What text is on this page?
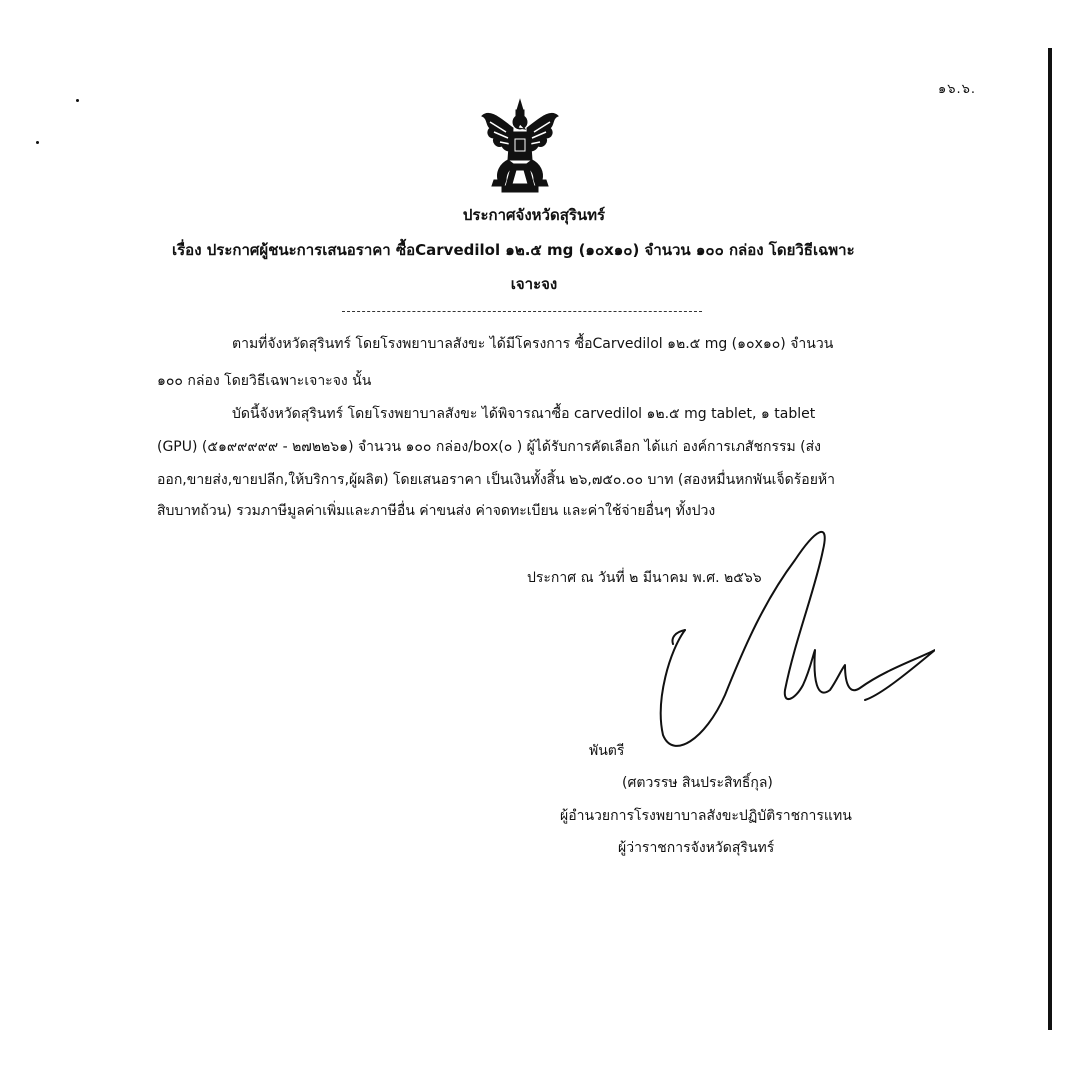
๑๖.๖.
ประกาศจังหวัดสุรินทร์
เรื่อง ประกาศผู้ชนะการเสนอราคา ซื้อCarvedilol ๑๒.๕ mg (๑๐x๑๐) จำนวน ๑๐๐ กล่อง โดยวิธีเฉพาะ
เจาะจง
ตามที่จังหวัดสุรินทร์ โดยโรงพยาบาลสังขะ ได้มีโครงการ ซื้อCarvedilol ๑๒.๕ mg (๑๐x๑๐) จำนวน
๑๐๐ กล่อง โดยวิธีเฉพาะเจาะจง นั้น
บัดนี้จังหวัดสุรินทร์ โดยโรงพยาบาลสังขะ ได้พิจารณาซื้อ carvedilol ๑๒.๕ mg tablet, ๑ tablet
(GPU) (๕๑๙๙๙๙๙ - ๒๗๒๒๖๑) จำนวน ๑๐๐ กล่อง/box(๐ ) ผู้ได้รับการคัดเลือก ได้แก่ องค์การเภสัชกรรม (ส่ง
ออก,ขายส่ง,ขายปลีก,ให้บริการ,ผู้ผลิต) โดยเสนอราคา เป็นเงินทั้งสิ้น ๒๖,๗๕๐.๐๐ บาท (สองหมื่นหกพันเจ็ดร้อยห้า
สิบบาทถ้วน) รวมภาษีมูลค่าเพิ่มและภาษีอื่น ค่าขนส่ง ค่าจดทะเบียน และค่าใช้จ่ายอื่นๆ ทั้งปวง
ประกาศ ณ วันที่ ๒ มีนาคม พ.ศ. ๒๕๖๖
พันตรี
(ศตวรรษ สินประสิทธิ์กุล)
ผู้อำนวยการโรงพยาบาลสังขะปฏิบัติราชการแทน
ผู้ว่าราชการจังหวัดสุรินทร์
